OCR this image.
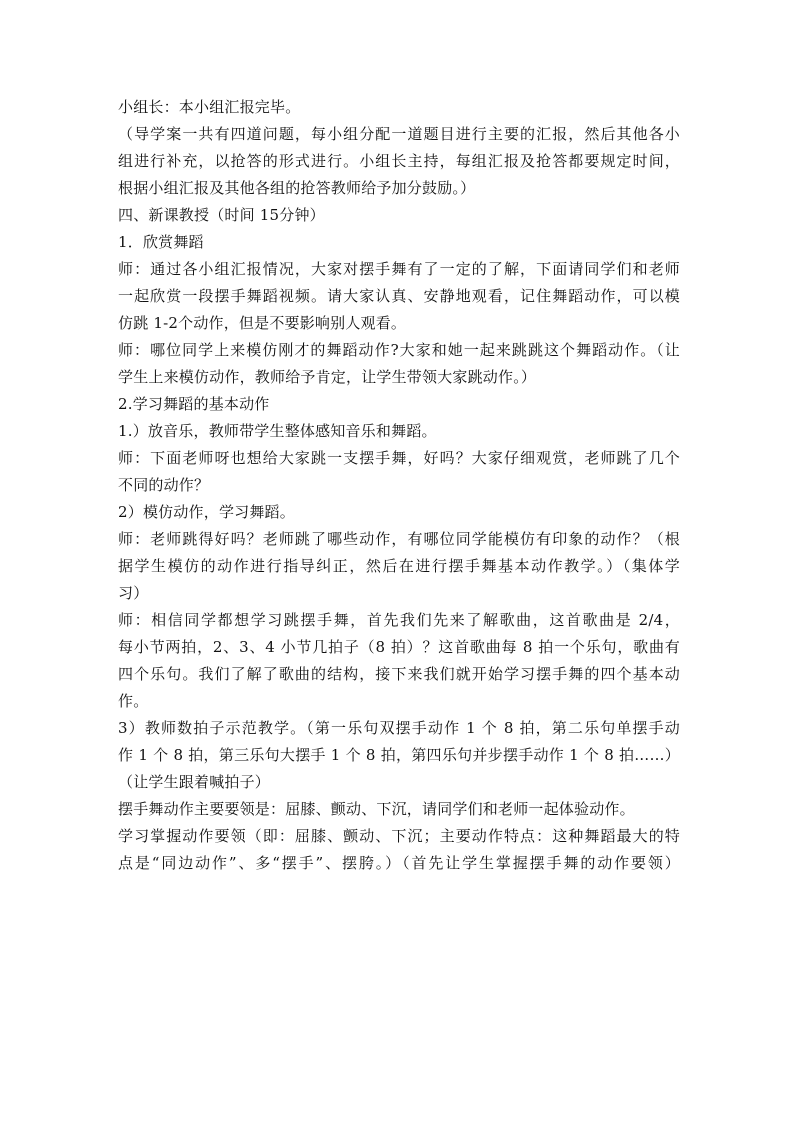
小组长：本小组汇报完毕。
（导学案一共有四道问题，每小组分配一道题目进行主要的汇报，然后其他各小
组进行补充，以抢答的形式进行。小组长主持，每组汇报及抢答都要规定时间，
根据小组汇报及其他各组的抢答教师给予加分鼓励。）
四、新课教授（时间 15分钟）
1．欣赏舞蹈
师：通过各小组汇报情况，大家对摆手舞有了一定的了解，下面请同学们和老师
一起欣赏一段摆手舞蹈视频。请大家认真、安静地观看，记住舞蹈动作，可以模
仿跳 1-2个动作，但是不要影响别人观看。
师：哪位同学上来模仿刚才的舞蹈动作?大家和她一起来跳跳这个舞蹈动作。（让
学生上来模仿动作，教师给予肯定，让学生带领大家跳动作。）
2.学习舞蹈的基本动作
1.）放音乐，教师带学生整体感知音乐和舞蹈。
师：下面老师呀也想给大家跳一支摆手舞，好吗？大家仔细观赏，老师跳了几个
不同的动作？
2）模仿动作，学习舞蹈。
师：老师跳得好吗？老师跳了哪些动作，有哪位同学能模仿有印象的动作？（根
据学生模仿的动作进行指导纠正，然后在进行摆手舞基本动作教学。）（集体学
习）
师：相信同学都想学习跳摆手舞，首先我们先来了解歌曲，这首歌曲是 2/4，
每小节两拍，2、3、4 小节几拍子（8 拍）？这首歌曲每 8 拍一个乐句，歌曲有
四个乐句。我们了解了歌曲的结构，接下来我们就开始学习摆手舞的四个基本动
作。
3）教师数拍子示范教学。（第一乐句双摆手动作 1 个 8 拍，第二乐句单摆手动
作 1 个 8 拍，第三乐句大摆手 1 个 8 拍，第四乐句并步摆手动作 1 个 8 拍……）
（让学生跟着喊拍子）
摆手舞动作主要要领是：屈膝、颤动、下沉，请同学们和老师一起体验动作。
学习掌握动作要领（即：屈膝、颤动、下沉；主要动作特点：这种舞蹈最大的特
点是“同边动作”、多“摆手”、摆胯。）（首先让学生掌握摆手舞的动作要领）
